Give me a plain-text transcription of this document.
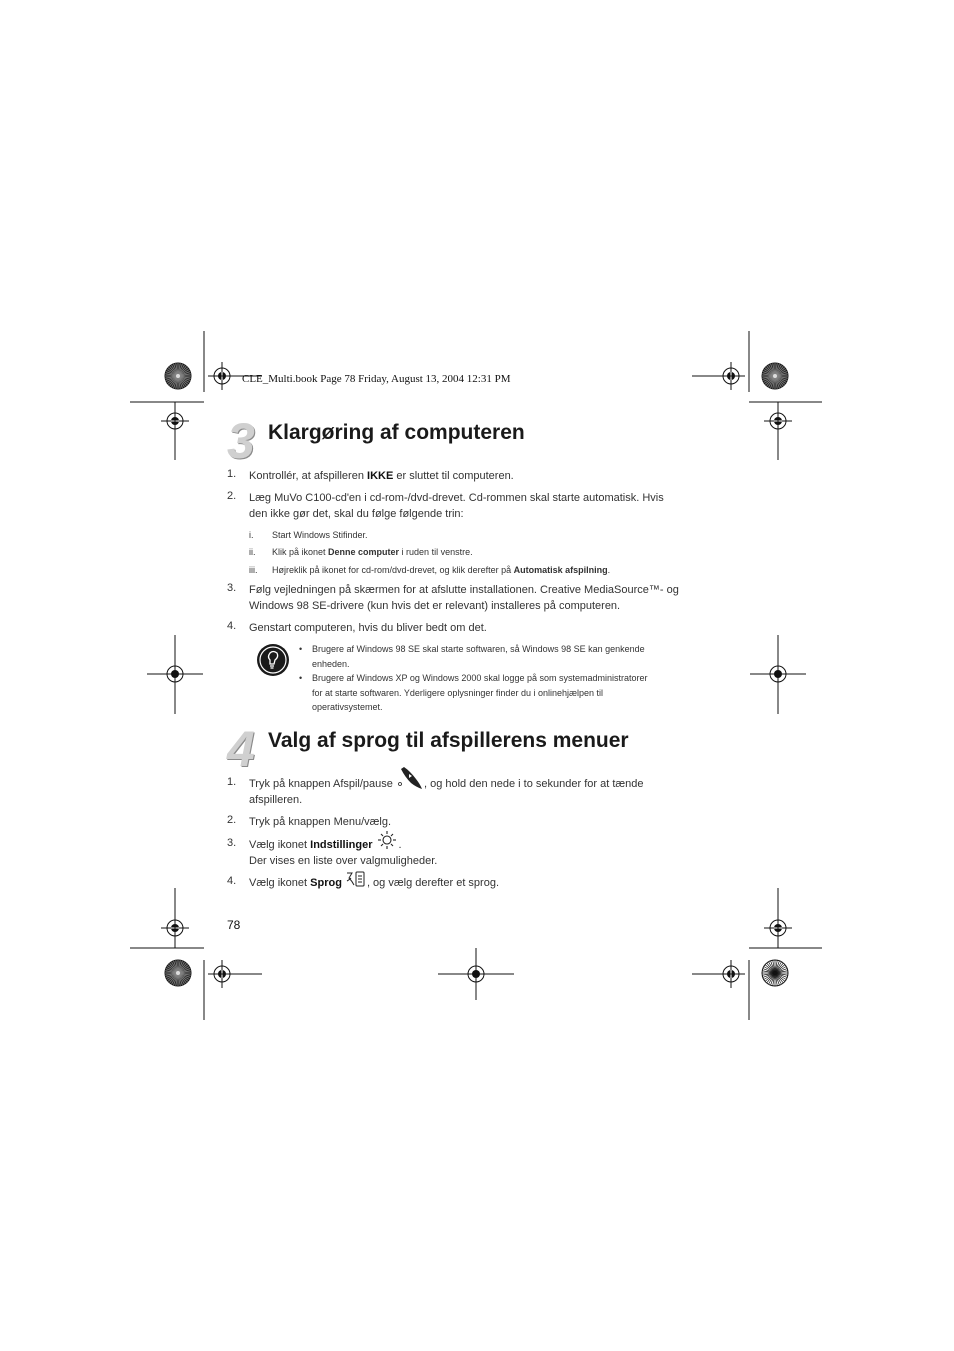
CLE_Multi.book Page 78 Friday, August 13, 2004 12:31 PM
3 Klargøring af computeren
1. Kontrollér, at afspilleren IKKE er sluttet til computeren.
2. Læg MuVo C100-cd'en i cd-rom-/dvd-drevet. Cd-rommen skal starte automatisk. Hvis
den ikke gør det, skal du følge følgende trin:
i. Start Windows Stifinder.
ii. Klik på ikonet Denne computer i ruden til venstre.
iii. Højreklik på ikonet for cd-rom/dvd-drevet, og klik derefter på Automatisk afspilning.
3. Følg vejledningen på skærmen for at afslutte installationen. Creative MediaSource™- og
Windows 98 SE-drivere (kun hvis det er relevant) installeres på computeren.
4. Genstart computeren, hvis du bliver bedt om det.
• Brugere af Windows 98 SE skal starte softwaren, så Windows 98 SE kan genkende
enheden.
• Brugere af Windows XP og Windows 2000 skal logge på som systemadministratorer
for at starte softwaren. Yderligere oplysninger finder du i onlinehjælpen til
operativsystemet.
4 Valg af sprog til afspillerens menuer
1. Tryk på knappen Afspil/pause	, og hold den nede i to sekunder for at tænde
afspilleren.
2. Tryk på knappen Menu/vælg.
3. Vælg ikonet Indstillinger .
Der vises en liste over valgmuligheder.
4. Vælg ikonet Sprog , og vælg derefter et sprog.
78
